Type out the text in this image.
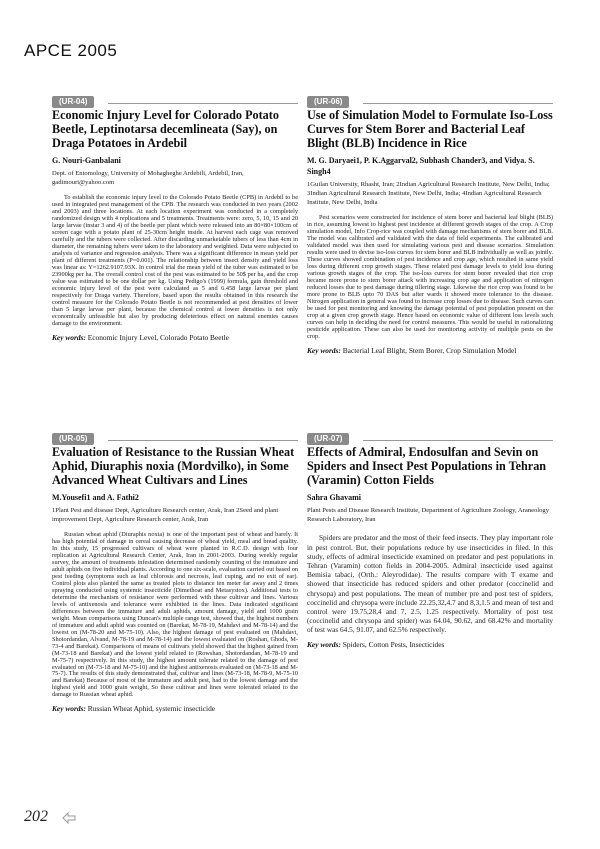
APCE 2005
(UR-04)
Economic Injury Level for Colorado Potato Beetle, Leptinotarsa decemlineata (Say), on Draga Potatoes in Ardebil
G. Nouri-Ganbalani
Dept. of Entomology, University of Mohagheghe Ardebili, Ardebil, Iran, gadimouri@yahoo.com
To establish the economic injury level to the Colorado Potato Beetle (CPB) in Ardebil to be used in integrated pest management of the CPB. The research was conducted in two years (2002 and 2003) and three locations. At each location experiment was conducted in a completely randomized design with 4 replications and 5 treatments. Treatments were: zero, 5, 10, 15 and 20 large larvae (instar 3 and 4) of the beetle per plant which were released into an 80×80×100cm of screen cage with a potato plant of 25-30cm height inside. At harvest each cage was removed carefully and the tubers were collected. After discarding unmarketable tubers of less than 4cm in diameter, the remaining tubers were taken to the laboratory and weighted. Data were subjected to analysis of variance and regression analysis. There was a significant difference in mean yield per plant of different treatments (P=0.001). The relationship between insect density and yield loss was linear as: Y=1262.9107.93X. In control trial the mean yield of the tuber was estimated to be 23900kg per ha. The overall control cost of the pest was estimated to be 50$ per ha, and the crop value was estimated to be one dollar per kg. Using Pedigo's (1999) formula, gain threshold and economic injury level of the pest were calculated as 5 and 6.458 large larvae per plant respectively for Draga variety. Therefore, based upon the results obtained in this research the control measure for the Colorado Potato Beetle is not recommended at pest densities of lower than 5 large larvae per plant, because the chemical control at lower densities is not only economically unfeasible but also by producing deleterious effect on natural enemies causes damage to the environment.
Key words: Economic Injury Level, Colorado Potato Beetle
(UR-05)
Evaluation of Resistance to the Russian Wheat Aphid, Diuraphis noxia (Mordvilko), in Some Advanced Wheat Cultivars and Lines
M.Yousefi1 and A. Fathi2
1Plant Pest and disease Dept, Agriculture Research center, Arak, Iran 2Seed and plant improvement Dept, Agriculture Research center, Arak, Iran
Russian wheat aphid (Diuraphis noxia) is one of the important pest of wheat and barely. It has high potential of damage in cereal causing decrease of wheat yield, meal and bread quality. In this study, 15 progressed cultivars of wheat were planted in R.C.D. design with four replication at Agricultural Research Center, Arak, Iran in 2001-2003. During weekly regular survey, the amount of treatments infestation determined randomly counting of the immature and adult aphids on five individual plants. According to one six-scale, evaluation carried out based on pest feeding (symptoms such as leaf chlorosis and necrosis, leaf cuping, and no exit of ear). Control plots also planted the same as treated plots to distance ten meter far away and 2 times spraying conducted using systemic insecticide (Dimethoat and Metasystox). Additional tests to determine the mechanism of resistance were performed with these cultivar and lines. Various levels of antixenosis and tolerance were exhibited in the lines. Data indicated significant differences between the immature and adult aphids, amount damage, yield and 1000 grain weight. Mean comparisons using Duncan's multiple range test, showed that, the highest numbers of immature and adult aphid was counted on (Barekat, M-78-19, Mahdavi and M-78-14) and the lowest on (M-78-20 and M-75-10). Also, the highest damage of pest evaluated on (Mahdavi, Shotordandan, Alvand, M-78-19 and M-78-14) and the lowest evaluated on (Roshan, Ghods, M-73-4 and Barekat). Comparisons of means of cultivars yield showed that the highest gained from (M-73-18 and Barekat) and the lowest yield related to (Rowshan, Shotordandan, M-78-19 and M-75-7) respectively. In this study, the highest amount tolerate related to the damage of pest evaluated on (M-73-18 and M-75-10) and the highest antixenosis evaluated on (M-73-18 and M-75-7). The results of this study demonstrated that, cultivar and lines (M-73-18, M-78-9, M-75-10 and Barekat) Because of most of the immature and adult pest, had to the lowest damage and the highest yield and 1000 grain weight, So these cultivar and lines were tolerated related to the damage to Russian wheat aphid.
Key words: Russian Wheat Aphid, systemic insecticide
(UR-06)
Use of Simulation Model to Formulate Iso-Loss Curves for Stem Borer and Bacterial Leaf Blight (BLB) Incidence in Rice
M. G. Daryaei1, P. K.Aggarval2, Subhash Chander3, and Vidya. S. Singh4
1Guilan University, Rhasht, Iran; 2Indian Agricultural Research Institute, New Delhi, India; 3Indian Agricultural Research Institute, New Delhi, India; 4Indian Agricultural Research Institute, New Delhi, India
Pest scenarios were constructed for incidence of stem borer and bacterial leaf blight (BLB) in rice, assuming lowest to highest pest incidence at different growth stages of the crop. A Crop simulation model, Info Crop-rice was coupled with damage mechanisms of stem borer and BLB. The model was calibrated and validated with the data of field experiments. The calibrated and validated model was then used for simulating various pest and disease scenarios. Simulation results were used to devise iso-loss curves for stem borer and BLB individually as well as jointly. These curves showed combination of pest incidence and crop age, which resulted in same yield loss during different crop growth stages. These related pest damage levels to yield loss during various growth stages of the crop. The iso-loss curves for stem borer revealed that rice crop became more prone to stem borer attack with increasing crop age and application of nitrogen reduced losses due to pest damage during tillering stage. Likewise the rice crop was found to be more prone to BLB upto 70 DAS but after wards it showed more tolerance to the disease. Nitrogen application in general was found to increase crop losses due to disease. Such curves can be used for pest monitoring and knowing the damage potential of pest population present on the crop at a given crop growth stage. Hence based on economic value of different loss levels such curves can help in deciding the need for control measures. This would be useful in rationalizing pesticide application. These can also be used for monitoring activity of multiple pests on the crop.
Key words: Bacterial Leaf Blight, Stem Borer, Crop Simulation Model
(UR-07)
Effects of Admiral, Endosulfan and Sevin on Spiders and Insect Pest Populations in Tehran (Varamin) Cotton Fields
Sahra Ghavami
Plant Pests and Disease Research Institute, Department of Agriculture Zoology, Araneology Research Laboratory, Iran
Spiders are predator and the most of their feed insects. They play important role in pest control. But, their populations reduce by use insecticides in filed. In this study, effects of admiral insecticide examined on predator and pest populations in Tehran (Varamin) cotton fields in 2004-2005. Admiral insecticide used against Bemisia tabaci, (Orth.: Aleyrodidae). The results compare with T exame and showed that insecticide has reduced spiders and other predator (coccinelid and chrysopa) and pest populations. The mean of number pre and post test of spiders, coccinelid and chrysopa were include 22.25,32,4.7 and 8,3,1.5 and mean of test and control were 19.75,28,4 and 7, 2.5, 1.25 respectively. Mortality of post test (coccinelid and chrysopa and spider) was 64.04, 90.62, and 68.42% and mortality of test was 64.5, 91.07, and 62.5% respectively.
Key words: Spiders, Cotton Pests, Insecticides
202
